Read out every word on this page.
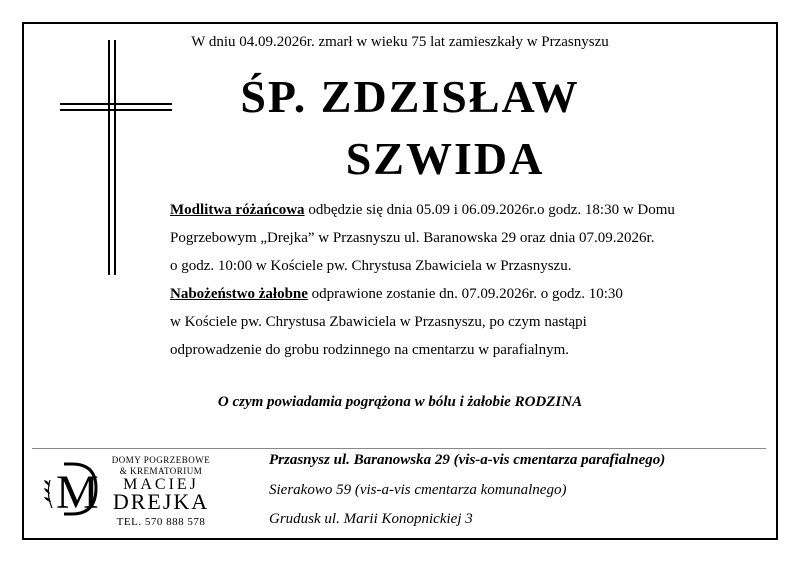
W dniu 04.09.2026r. zmarł w wieku 75 lat zamieszkały w Przasnyszu
ŚP. ZDZISŁAW
SZWIDA
Modlitwa różańcowa odbędzie się dnia 05.09 i 06.09.2026r.o godz. 18:30 w Domu
Pogrzebowym „Drejka” w Przasnyszu ul. Baranowska 29 oraz dnia 07.09.2026r.
o godz. 10:00 w Kościele pw. Chrystusa Zbawiciela w Przasnyszu.
Nabożeństwo żałobne odprawione zostanie dn. 07.09.2026r. o godz. 10:30
w Kościele pw. Chrystusa Zbawiciela w Przasnyszu, po czym nastąpi
odprowadzenie do grobu rodzinnego na cmentarzu w parafialnym.
O czym powiadamia pogrążona w bólu i żałobie RODZINA
M
DOMY POGRZEBOWE
& KREMATORIUM
MACIEJ
DREJKA
TEL. 570 888 578
Przasnysz ul. Baranowska 29 (vis-a-vis cmentarza parafialnego)
Sierakowo 59 (vis-a-vis cmentarza komunalnego)
Grudusk ul. Marii Konopnickiej 3
